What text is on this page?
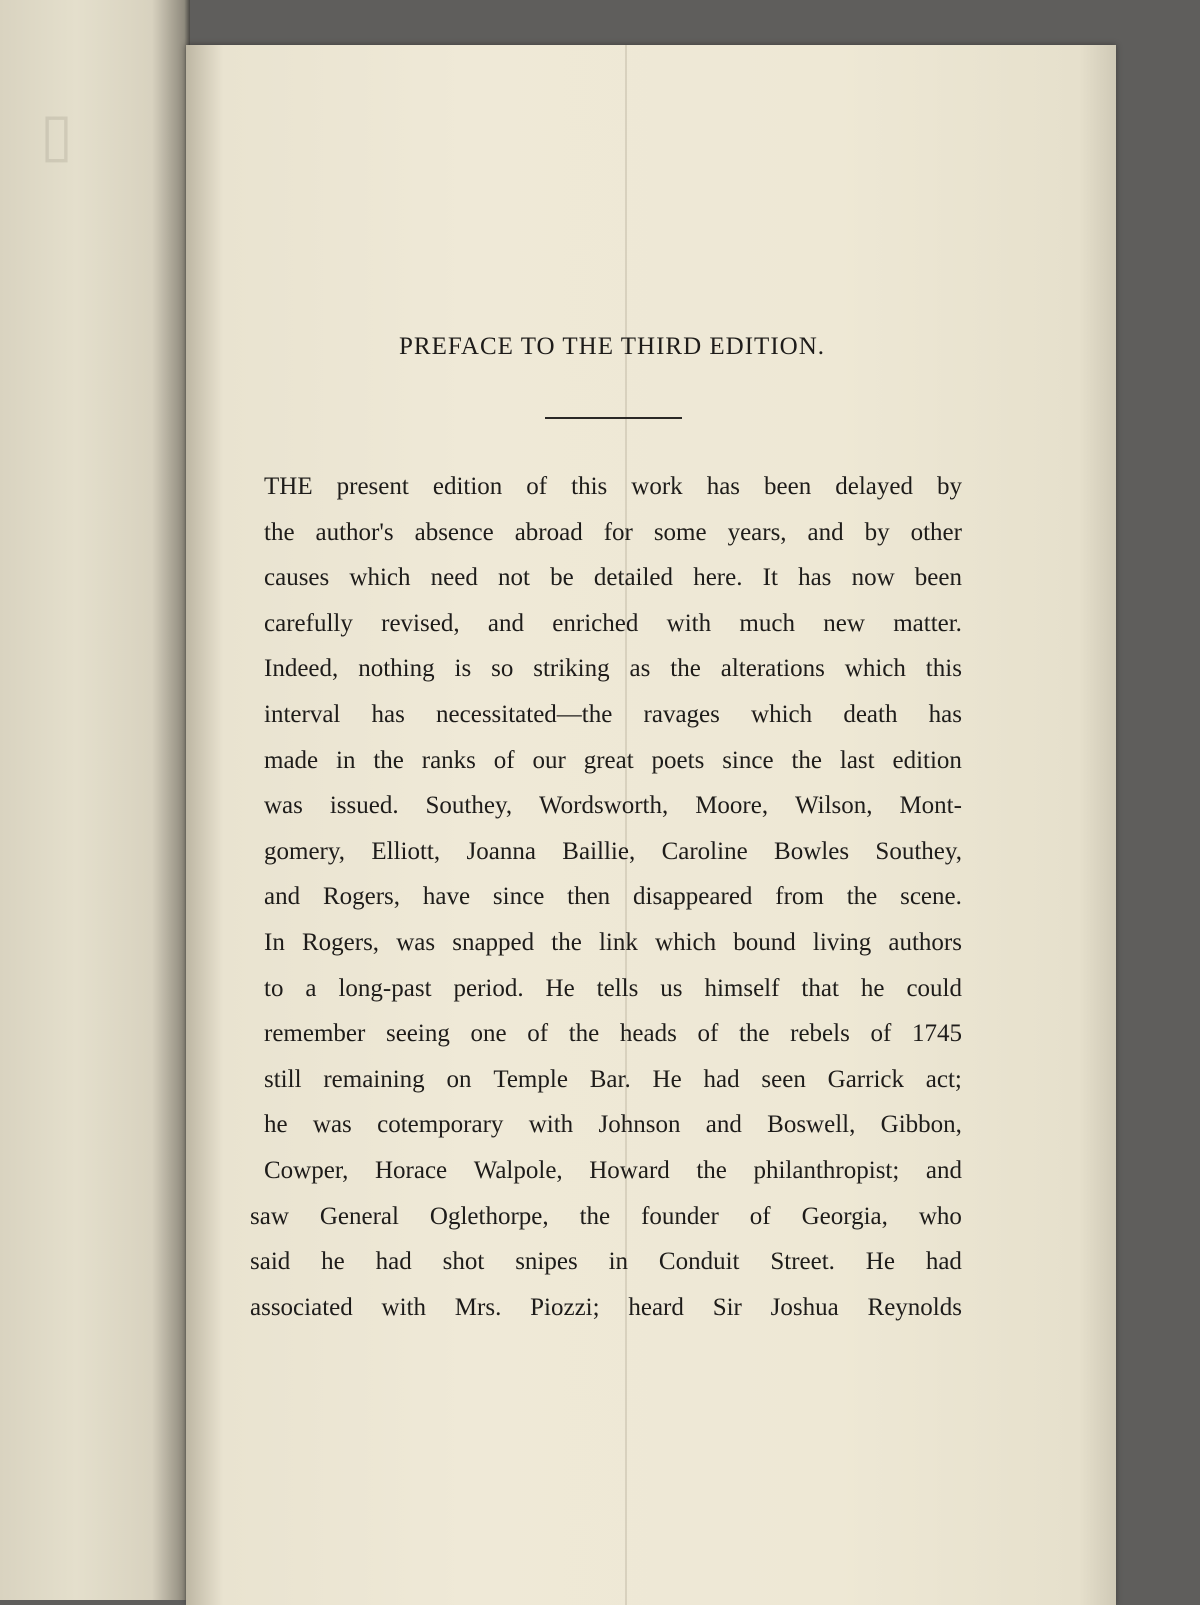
▯
PREFACE TO THE THIRD EDITION.
THE present edition of this work has been delayed by
the author's absence abroad for some years, and by other
causes which need not be detailed here. It has now been
carefully revised, and enriched with much new matter.
Indeed, nothing is so striking as the alterations which this
interval has necessitated—the ravages which death has
made in the ranks of our great poets since the last edition
was issued. Southey, Wordsworth, Moore, Wilson, Mont-
gomery, Elliott, Joanna Baillie, Caroline Bowles Southey,
and Rogers, have since then disappeared from the scene.
In Rogers, was snapped the link which bound living authors
to a long-past period. He tells us himself that he could
remember seeing one of the heads of the rebels of 1745
still remaining on Temple Bar. He had seen Garrick act;
he was cotemporary with Johnson and Boswell, Gibbon,
Cowper, Horace Walpole, Howard the philanthropist; and
saw General Oglethorpe, the founder of Georgia, who
said he had shot snipes in Conduit Street. He had
associated with Mrs. Piozzi; heard Sir Joshua Reynolds
